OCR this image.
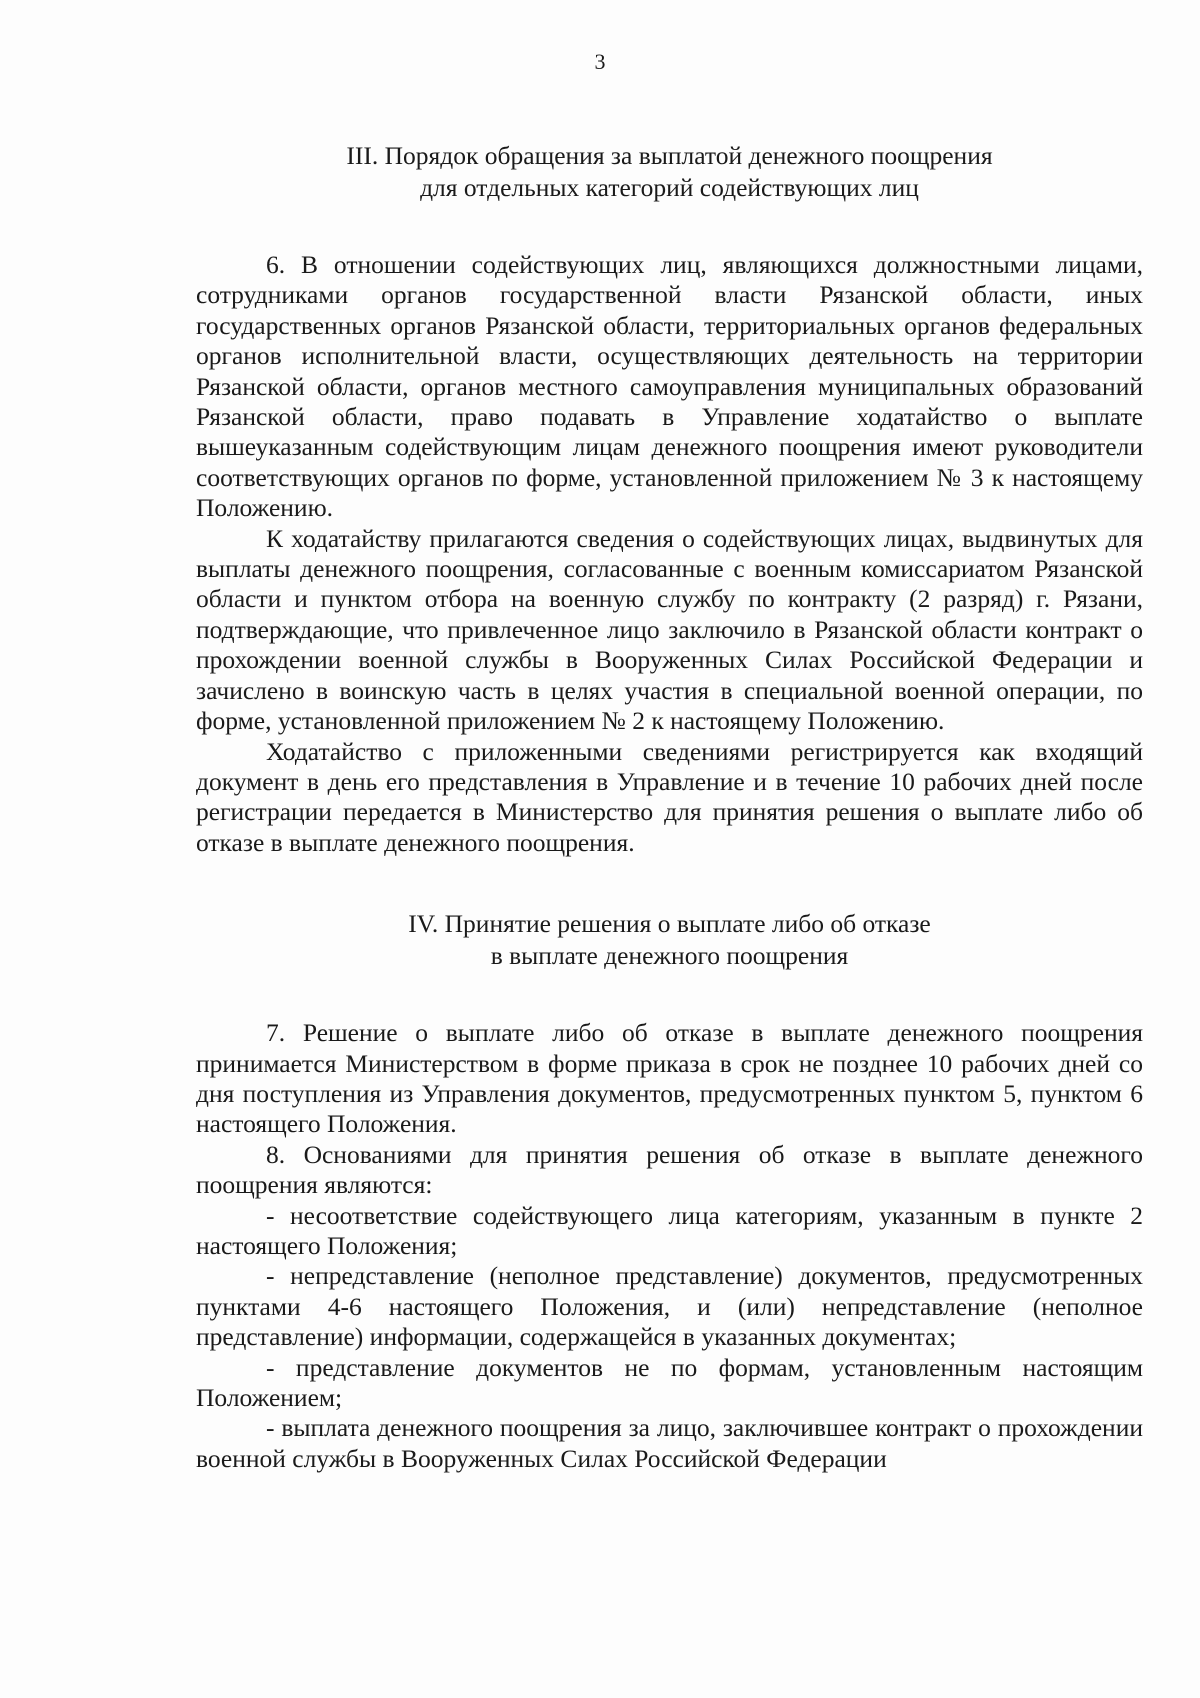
3
III. Порядок обращения за выплатой денежного поощрения
для отдельных категорий содействующих лиц

6. В отношении содействующих лиц, являющихся должностными лицами, сотрудниками органов государственной власти Рязанской области, иных государственных органов Рязанской области, территориальных органов федеральных органов исполнительной власти, осуществляющих деятельность на территории Рязанской области, органов местного самоуправления муниципальных образований Рязанской области, право подавать в Управление ходатайство о выплате вышеуказанным содействующим лицам денежного поощрения имеют руководители соответствующих органов по форме, установленной приложением № 3 к настоящему Положению.

К ходатайству прилагаются сведения о содействующих лицах, выдвинутых для выплаты денежного поощрения, согласованные с военным комиссариатом Рязанской области и пунктом отбора на военную службу по контракту (2 разряд) г. Рязани, подтверждающие, что привлеченное лицо заключило в Рязанской области контракт о прохождении военной службы в Вооруженных Силах Российской Федерации и зачислено в воинскую часть в целях участия в специальной военной операции, по форме, установленной приложением № 2 к настоящему Положению.

Ходатайство с приложенными сведениями регистрируется как входящий документ в день его представления в Управление и в течение 10 рабочих дней после регистрации передается в Министерство для принятия решения о выплате либо об отказе в выплате денежного поощрения.

IV. Принятие решения о выплате либо об отказе
в выплате денежного поощрения

7. Решение о выплате либо об отказе в выплате денежного поощрения принимается Министерством в форме приказа в срок не позднее 10 рабочих дней со дня поступления из Управления документов, предусмотренных пунктом 5, пунктом 6 настоящего Положения.

8. Основаниями для принятия решения об отказе в выплате денежного поощрения являются:

- несоответствие содействующего лица категориям, указанным в пункте 2 настоящего Положения;

- непредставление (неполное представление) документов, предусмотренных пунктами 4-6 настоящего Положения, и (или) непредставление (неполное представление) информации, содержащейся в указанных документах;

- представление документов не по формам, установленным настоящим Положением;

- выплата денежного поощрения за лицо, заключившее контракт о прохождении военной службы в Вооруженных Силах Российской Федерации
